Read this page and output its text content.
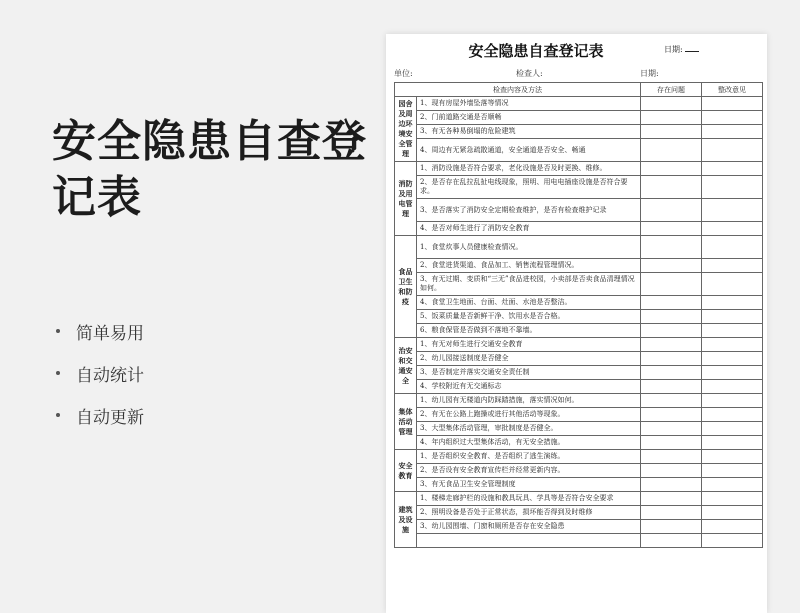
安全隐患自查登记表
简单易用
自动统计
自动更新
安全隐患自查登记表	日期:
单位:	检查人:	日期:
检查内容及方法		存在问题	整改意见
园舍及周边环境安全管理	1、现有房屋外墙坠落等情况		
	2、门前道路交通是否顺畅		
	3、有无各种易倒塌的危险建筑		
	4、周边有无紧急疏散通道，安全通道是否安全、畅通		
消防及用电管理	1、消防设施是否符合要求，老化设施是否及时更换、维修。		
	2、是否存在乱拉乱扯电线现象，照明、用电电插座设施是否符合要求。		
	3、是否落实了消防安全定期检查维护，是否有检查维护记录		
	4、是否对师生进行了消防安全教育		
食品卫生和防疫	1、食堂炊事人员健康检查情况。		
	2、食堂进货渠道、食品加工、销售流程管理情况。		
	3、有无过期、变质和“三无”食品进校园，小卖部是否卖食品清理情况如何。		
	4、食堂卫生地面、台面、灶面、水池是否整洁。		
	5、饭菜质量是否新鲜干净、饮用水是否合格。		
	6、粮食保管是否做到不落地不靠墙。		
治安和交通安全	1、有无对师生进行交通安全教育		
	2、幼儿园接送制度是否健全		
	3、是否制定并落实交通安全责任制		
	4、学校附近有无交通标志		
集体活动管理	1、幼儿园有无楼道内防踩踏措施，落实情况如何。		
	2、有无在公路上跑操或进行其他活动等现象。		
	3、大型集体活动管理，审批制度是否健全。		
	4、年内组织过大型集体活动，有无安全措施。		
安全教育	1、是否组织安全教育、是否组织了逃生演练。		
	2、是否设有安全教育宣传栏并经常更新内容。		
	3、有无食品卫生安全管理制度		
建筑及设施	1、楼梯走廊护栏的设施和教具玩具、学具等是否符合安全要求		
	2、照明设备是否处于正常状态，损坏能否得到及时维修		
	3、幼儿园围墙、门窗和厕所是否存在安全隐患		
